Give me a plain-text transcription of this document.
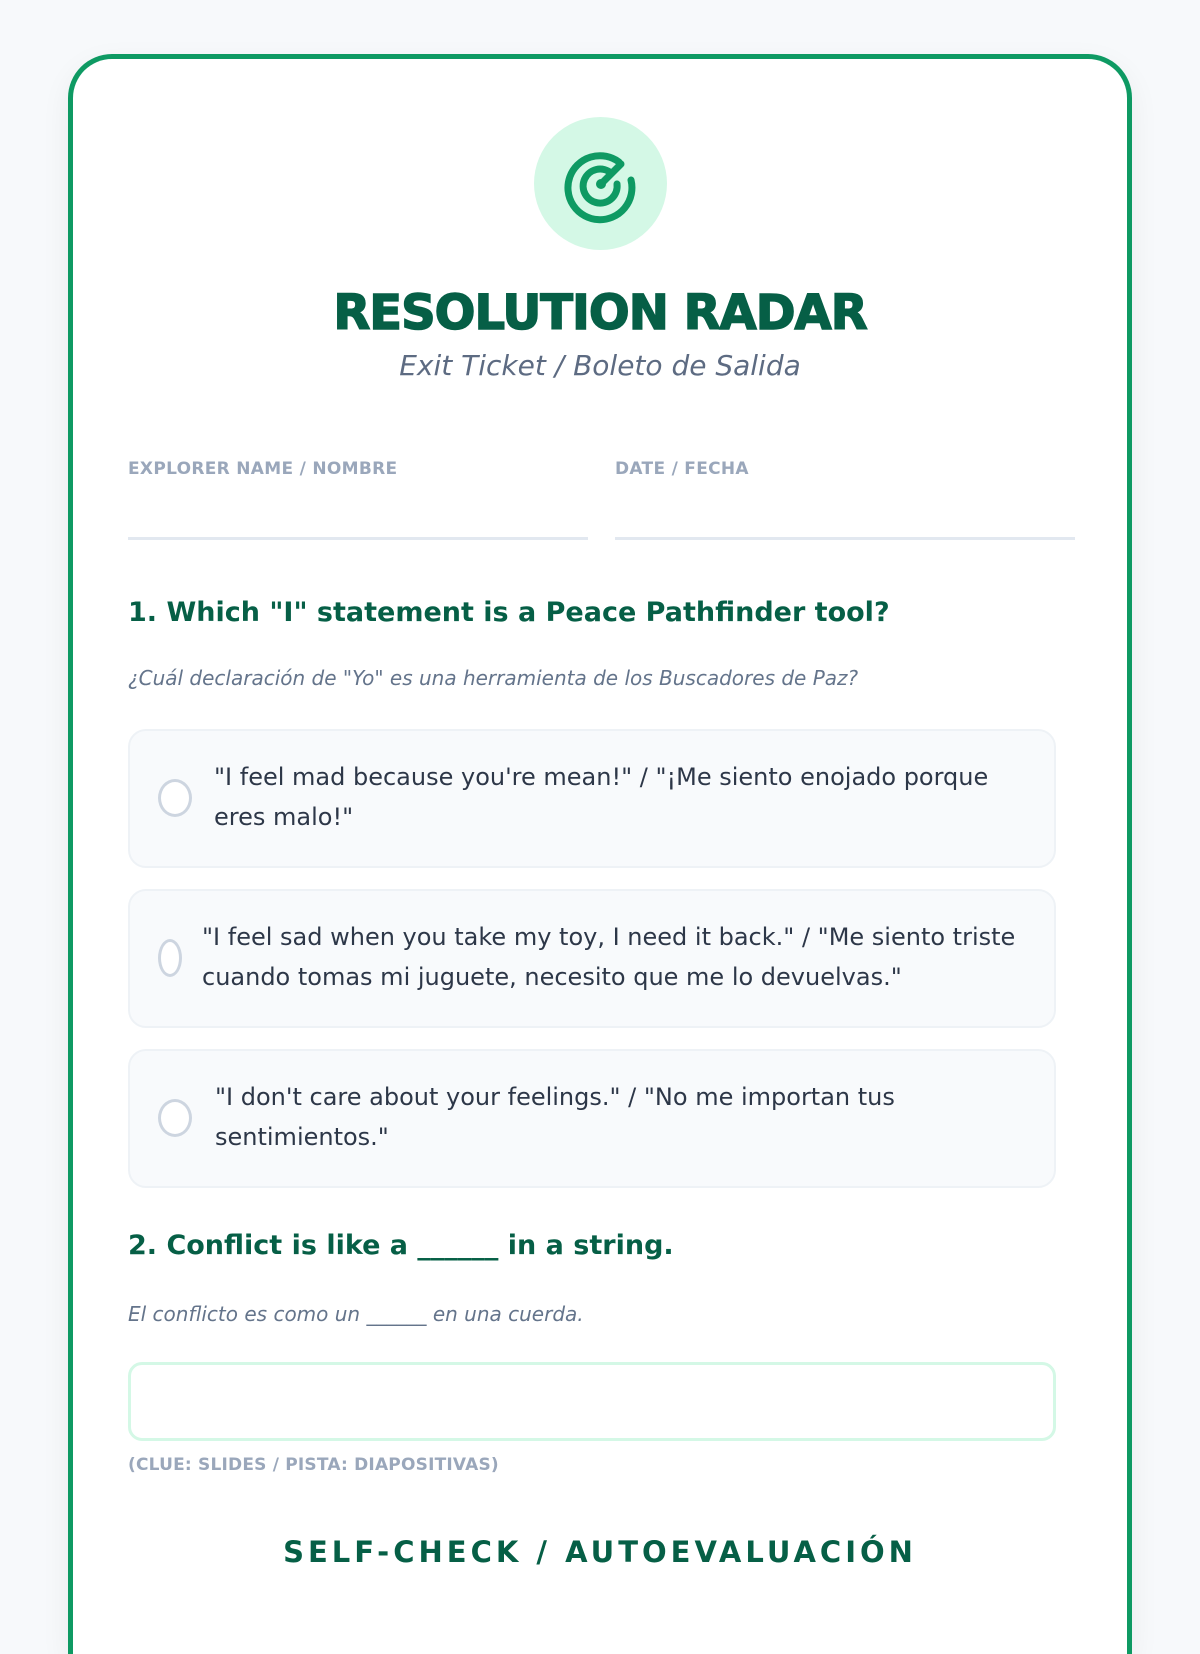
RESOLUTION RADAR

Exit Ticket / Boleto de Salida

EXPLORER NAME / NOMBRE	DATE / FECHA

1. Which "I" statement is a Peace Pathfinder tool?

¿Cuál declaración de "Yo" es una herramienta de los Buscadores de Paz?

"I feel mad because you're mean!" / "¡Me siento enojado porque eres malo!"
"I feel sad when you take my toy, I need it back." / "Me siento triste cuando tomas mi juguete, necesito que me lo devuelvas."
"I don't care about your feelings." / "No me importan tus sentimientos."

2. Conflict is like a ______ in a string.

El conflicto es como un ______ en una cuerda.

(CLUE: SLIDES / PISTA: DIAPOSITIVAS)
SELF-CHECK / AUTOEVALUACIÓN
